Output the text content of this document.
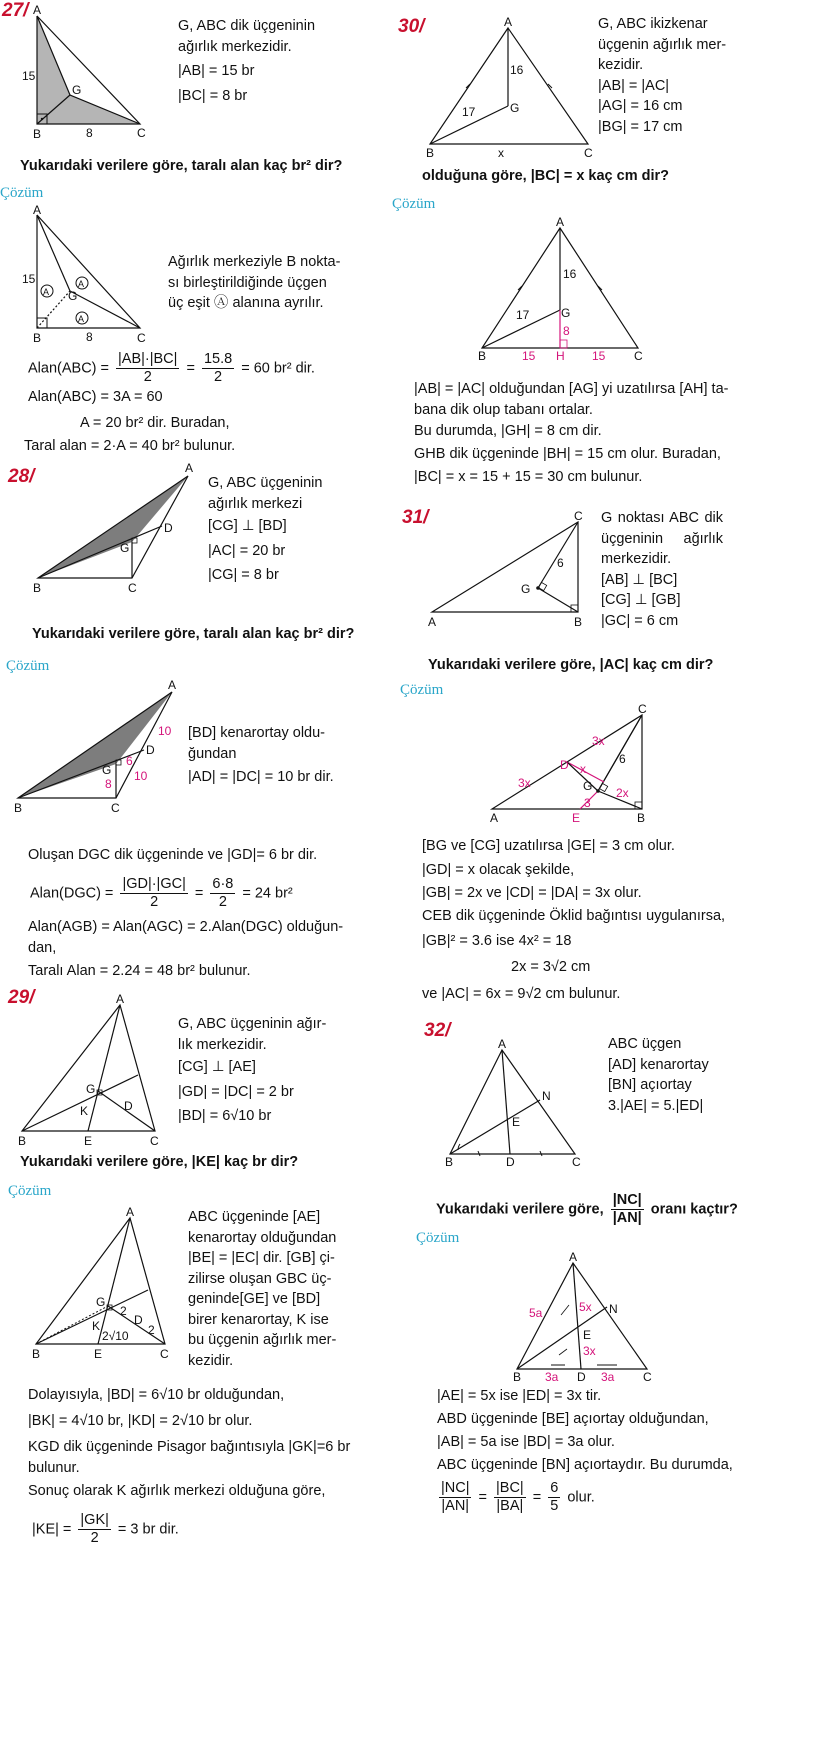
27/ A
G
B	C
15
8
G, ABC dik üçgeninin
ağırlık merkezidir.
|AB| = 15 br
|BC| = 8 br
Yukarıdaki verilere göre, taralı alan kaç br² dir?
Çözüm
A
G
B	C
15
8
A
A
A
Ağırlık merkeziyle B nokta-
sı birleştirildiğinde üçgen
üç eşit Ⓐ alanına ayrılır.
Alan(ABC) = $\frac{|AB|\cdot|BC|}{2} = \frac{15.8}{2} = 60$ br² dir.
Alan(ABC) = 3A = 60
A = 20 br² dir. Buradan,
Taral alan = 2·A = 40 br² bulunur.
28/	A
D
G
B	C
G, ABC üçgeninin
ağırlık merkezi
[CG] ⊥ [BD]
|AC| = 20 br
|CG| = 8 br
Yukarıdaki verilere göre, taralı alan kaç br² dir?
Çözüm
A
D
G
B	C
10
10
6
8
[BD] kenarortay oldu-
ğundan
|AD| = |DC| = 10 br dir.
Oluşan DGC dik üçgeninde ve |GD|= 6 br dir.
Alan(DGC) = $\frac{|GD|\cdot|GC|}{2} = \frac{6\cdot 8}{2} = 24$ br²
Alan(AGB) = Alan(AGC) = 2.Alan(DGC) olduğun-
dan,
Taralı Alan = 2.24 = 48 br² bulunur.
29/	A
G
D
K
B	E	C
G, ABC üçgeninin ağır-
lık merkezidir.
[CG] ⊥ [AE]
|GD| = |DC| = 2 br
|BD| = 6√10 br
Yukarıdaki verilere göre, |KE| kaç br dir?
Çözüm
A
G
D
K
2
2
2√10
B	E	C
ABC üçgeninde [AE]
kenarortay olduğundan
|BE| = |EC| dir. [GB] çi-
zilirse oluşan GBC üç-
geninde[GE] ve [BD]
birer kenarortay, K ise
bu üçgenin ağırlık mer-
kezidir.
Dolayısıyla, |BD| = 6√10 br olduğundan,
|BK| = 4√10 br, |KD| = 2√10 br olur.
KGD dik üçgeninde Pisagor bağıntısıyla |GK|=6 br
bulunur.
Sonuç olarak K ağırlık merkezi olduğuna göre,
$|KE| = \frac{|GK|}{2} = 3$ br dir.
30/	A
16
G
17
B	C
x
G, ABC ikizkenar
üçgenin ağırlık mer-
kezidir.
|AB| = |AC|
|AG| = 16 cm
|BG| = 17 cm
olduğuna göre, |BC| = x kaç cm dir?
Çözüm
A
16
G
17
8
B	C
H
15	15
|AB| = |AC| olduğundan [AG] yi uzatılırsa [AH] ta-
bana dik olup tabanı ortalar.
Bu durumda, |GH| = 8 cm dir.
GHB dik üçgeninde |BH| = 15 cm olur. Buradan,
|BC| = x = 15 + 15 = 30 cm bulunur.
31/	C
6
G
A	B
G noktası ABC dik
üçgeninin ağırlık
merkezidir.
[AB] ⊥ [BC]
[CG] ⊥ [GB]
|GC| = 6 cm
Yukarıdaki verilere göre, |AC| kaç cm dir?
Çözüm
C
3x
6
3x
D x
G 2x
3
A	E	B
[BG ve [CG] uzatılırsa |GE| = 3 cm olur.
|GD| = x olacak şekilde,
|GB| = 2x ve |CD| = |DA| = 3x olur.
CEB dik üçgeninde Öklid bağıntısı uygulanırsa,
|GB|² = 3.6 ise 4x² = 18
2x = 3√2 cm
ve |AC| = 6x = 9√2 cm bulunur.
32/
A
N
E
B	D	C
ABC üçgen
[AD] kenarortay
[BN] açıortay
3.|AE| = 5.|ED|
Yukarıdaki verilere göre, $\frac{|NC|}{|AN|}$ oranı kaçtır?
Çözüm
A
5a	5x N
E
3x
B 3a D 3a C
|AE| = 5x ise |ED| = 3x tir.
ABD üçgeninde [BE] açıortay olduğundan,
|AB| = 5a ise |BD| = 3a olur.
ABC üçgeninde [BN] açıortaydır. Bu durumda,
$\frac{|NC|}{|AN|} = \frac{|BC|}{|BA|} = \frac{6}{5}$ olur.
